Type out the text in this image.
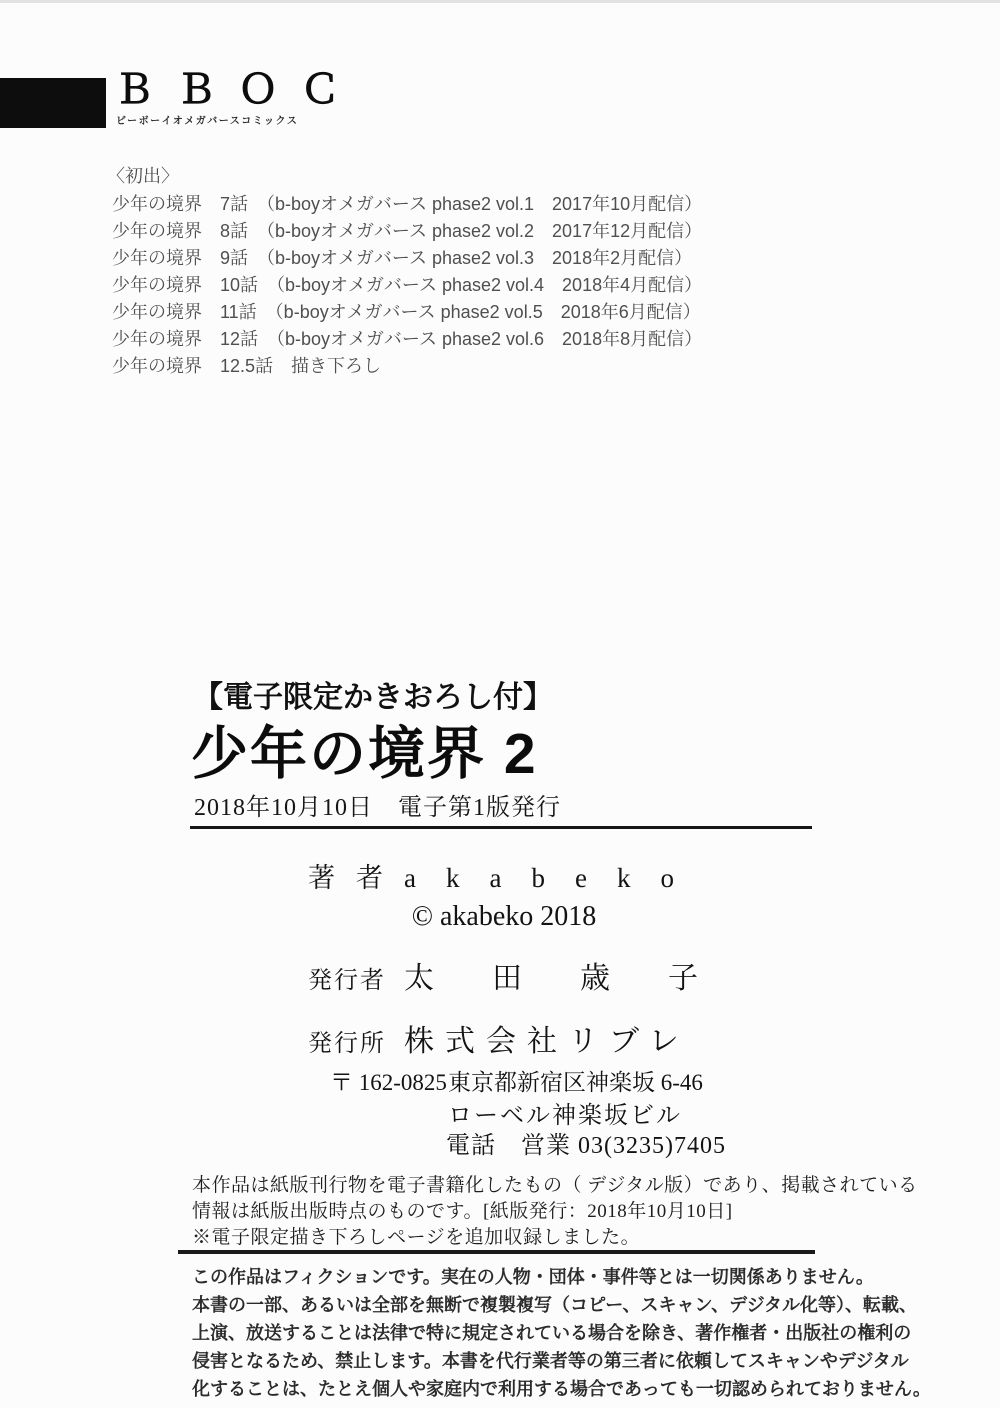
ＢＢＯＣ
ビーボーイオメガバースコミックス
〈初出〉
少年の境界　7話　（b-boyオメガバース phase2 vol.1　2017年10月配信）
少年の境界　8話　（b-boyオメガバース phase2 vol.2　2017年12月配信）
少年の境界　9話　（b-boyオメガバース phase2 vol.3　2018年2月配信）
少年の境界　10話　（b-boyオメガバース phase2 vol.4　2018年4月配信）
少年の境界　11話　（b-boyオメガバース phase2 vol.5　2018年6月配信）
少年の境界　12話　（b-boyオメガバース phase2 vol.6　2018年8月配信）
少年の境界　12.5話　描き下ろし
【電子限定かきおろし付】
少年の境界 2
2018年10月10日　電子第1版発行
著者akabeko
© akabeko 2018
発行者 太田歳子
発行所 株式会社リブレ
〒 162-0825東京都新宿区神楽坂 6-46
ローベル神楽坂ビル
電話　営業 03(3235)7405
本作品は紙版刊行物を電子書籍化したもの（ デジタル版）であり、掲載されている
情報は紙版出版時点のものです。[紙版発行：2018年10月10日]
※電子限定描き下ろしページを追加収録しました。
この作品はフィクションです。実在の人物・団体・事件等とは一切関係ありません。
本書の一部、あるいは全部を無断で複製複写（コピー、スキャン、デジタル化等）、転載、
上演、放送することは法律で特に規定されている場合を除き、著作権者・出版社の権利の
侵害となるため、禁止します。本書を代行業者等の第三者に依頼してスキャンやデジタル
化することは、たとえ個人や家庭内で利用する場合であっても一切認められておりません。
